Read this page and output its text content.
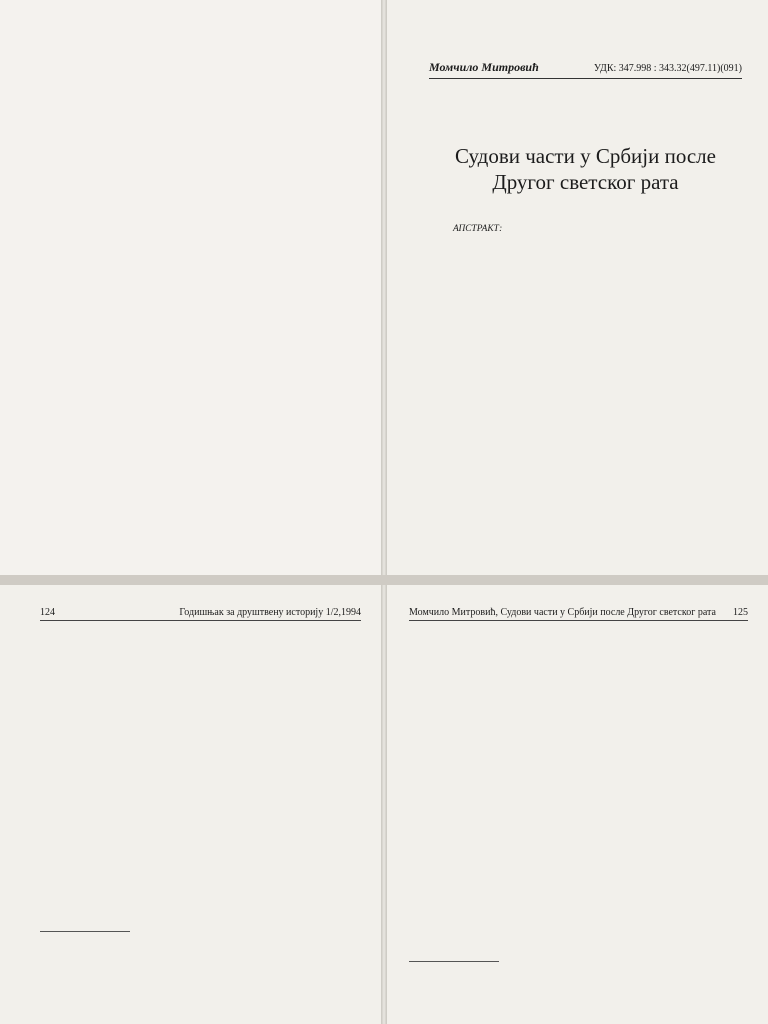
Момчило Митровић	УДК: 347.998 : 343.32(497.11)(091)
Судови части у Србији после
Другог светског рата
АПСТРАКТ:

124	Годишњак за друштвену историју 1/2,1994	Момчило Митровић, Судови части у Србији после Другог светског рата 125
